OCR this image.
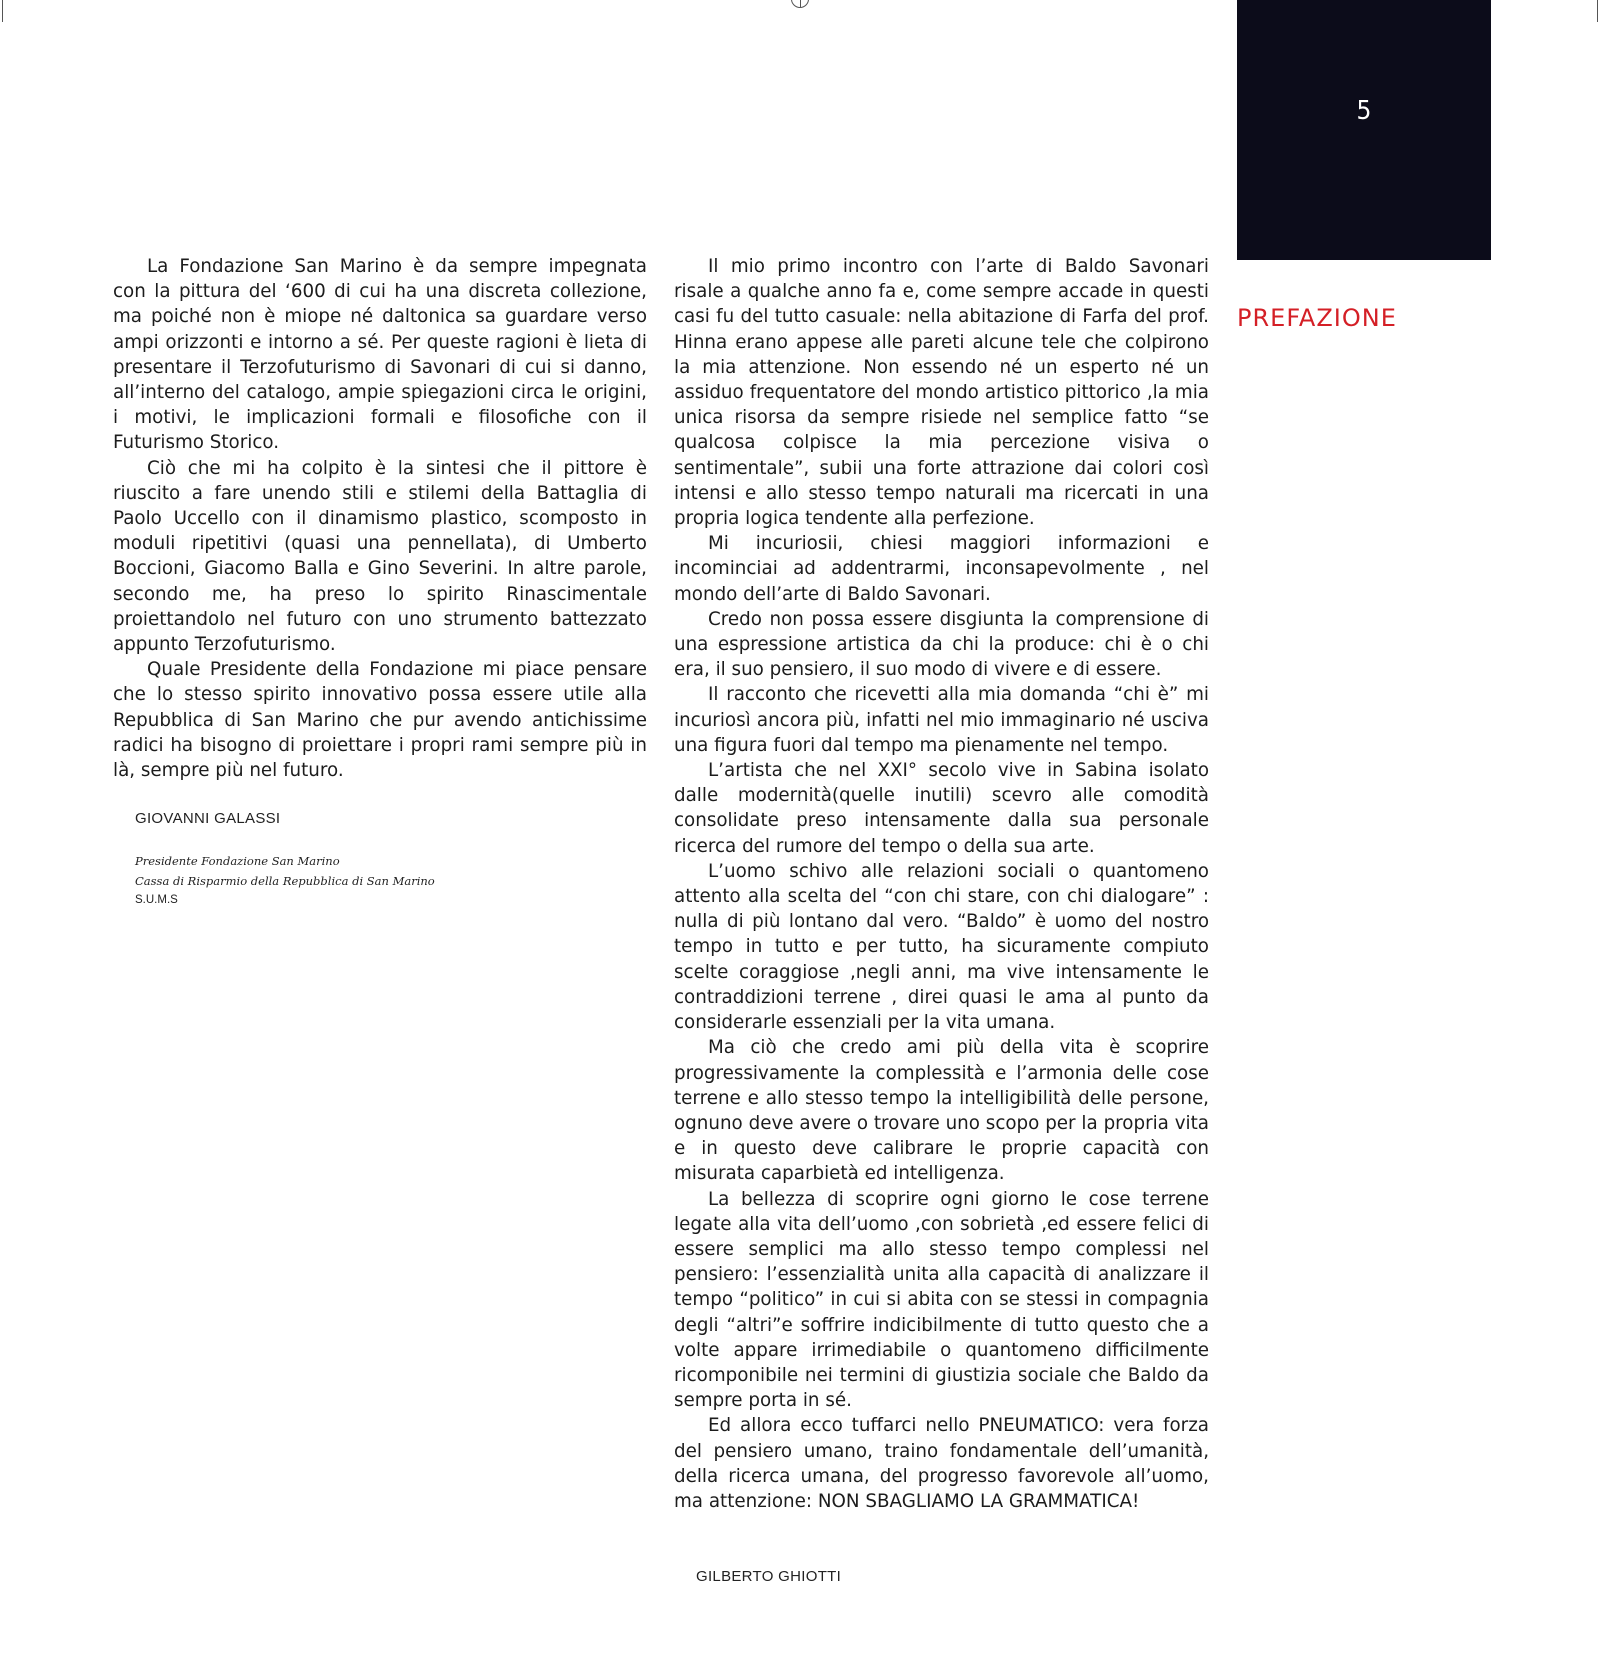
5
PREFAZIONE

La Fondazione San Marino è da sempre impegnata con la pittura del ‘600 di cui ha una discreta collezione, ma poiché non è miope né daltonica sa guardare verso ampi orizzonti e intorno a sé. Per queste ragioni è lieta di presentare il Terzofuturismo di Savonari di cui si danno, all’interno del catalogo, ampie spiegazioni circa le origini, i motivi, le implicazioni formali e filosofiche con il Futurismo Storico.

Ciò che mi ha colpito è la sintesi che il pittore è riuscito a fare unendo stili e stilemi della Battaglia di Paolo Uccello con il dinamismo plastico, scomposto in moduli ripetitivi (quasi una pennellata), di Umberto Boccioni, Giacomo Balla e Gino Severini. In altre parole, secondo me, ha preso lo spirito Rinascimentale proiettandolo nel futuro con uno strumento battezzato appunto Terzofuturismo.

Quale Presidente della Fondazione mi piace pensare che lo stesso spirito innovativo possa essere utile alla Repubblica di San Marino che pur avendo antichissime radici ha bisogno di proiettare i propri rami sempre più in là, sempre più nel futuro.

GIOVANNI GALASSI
Presidente Fondazione San Marino
Cassa di Risparmio della Repubblica di San Marino
S.U.M.S

Il mio primo incontro con l’arte di Baldo Savonari risale a qualche anno fa e, come sempre accade in questi casi fu del tutto casuale: nella abitazione di Farfa del prof. Hinna erano appese alle pareti alcune tele che colpirono la mia attenzione. Non essendo né un esperto né un assiduo frequentatore del mondo artistico pittorico ,la mia unica risorsa da sempre risiede nel semplice fatto “se qualcosa colpisce la mia percezione visiva o sentimentale”, subii una forte attrazione dai colori così intensi e allo stesso tempo naturali ma ricercati in una propria logica tendente alla perfezione.

Mi incuriosii, chiesi maggiori informazioni e incominciai ad addentrarmi, inconsapevolmente , nel mondo dell’arte di Baldo Savonari.

Credo non possa essere disgiunta la comprensione di una espressione artistica da chi la produce: chi è o chi era, il suo pensiero, il suo modo di vivere e di essere.

Il racconto che ricevetti alla mia domanda “chi è” mi incuriosì ancora più, infatti nel mio immaginario né usciva una figura fuori dal tempo ma pienamente nel tempo.

L’artista che nel XXI° secolo vive in Sabina isolato dalle modernità(quelle inutili) scevro alle comodità consolidate preso intensamente dalla sua personale ricerca del rumore del tempo o della sua arte.

L’uomo schivo alle relazioni sociali o quantomeno attento alla scelta del “con chi stare, con chi dialogare” : nulla di più lontano dal vero. “Baldo” è uomo del nostro tempo in tutto e per tutto, ha sicuramente compiuto scelte coraggiose ,negli anni, ma vive intensamente le contraddizioni terrene , direi quasi le ama al punto da considerarle essenziali per la vita umana.

Ma ciò che credo ami più della vita è scoprire progressivamente la complessità e l’armonia delle cose terrene e allo stesso tempo la intelligibilità delle persone, ognuno deve avere o trovare uno scopo per la propria vita e in questo deve calibrare le proprie capacità con misurata caparbietà ed intelligenza.

La bellezza di scoprire ogni giorno le cose terrene legate alla vita dell’uomo ,con sobrietà ,ed essere felici di essere semplici ma allo stesso tempo complessi nel pensiero: l’essenzialità unita alla capacità di analizzare il tempo “politico” in cui si abita con se stessi in compagnia degli “altri”e soffrire indicibilmente di tutto questo che a volte appare irrimediabile o quantomeno difficilmente ricomponibile nei termini di giustizia sociale che Baldo da sempre porta in sé.

Ed allora ecco tuffarci nello PNEUMATICO: vera forza del pensiero umano, traino fondamentale dell’umanità, della ricerca umana, del progresso favorevole all’uomo, ma attenzione: NON SBAGLIAMO LA GRAMMATICA!

GILBERTO GHIOTTI
